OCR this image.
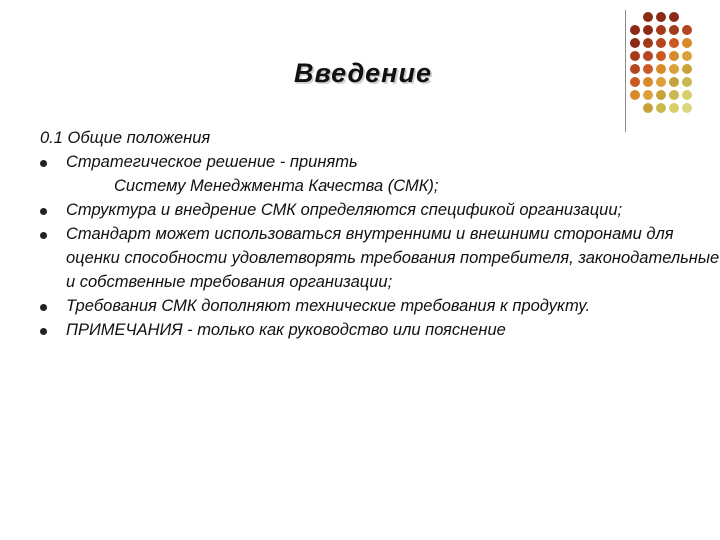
Введение
0.1 Общие положения
Стратегическое решение - принять
Систему Менеджмента Качества (СМК);
Структура и внедрение СМК определяются спецификой организации;
Стандарт может использоваться внутренними и внешними сторонами для оценки способности удовлетворять требования потребителя, законодательные и собственные требования организации;
Требования СМК дополняют технические требования к продукту.
ПРИМЕЧАНИЯ - только как руководство или пояснение
